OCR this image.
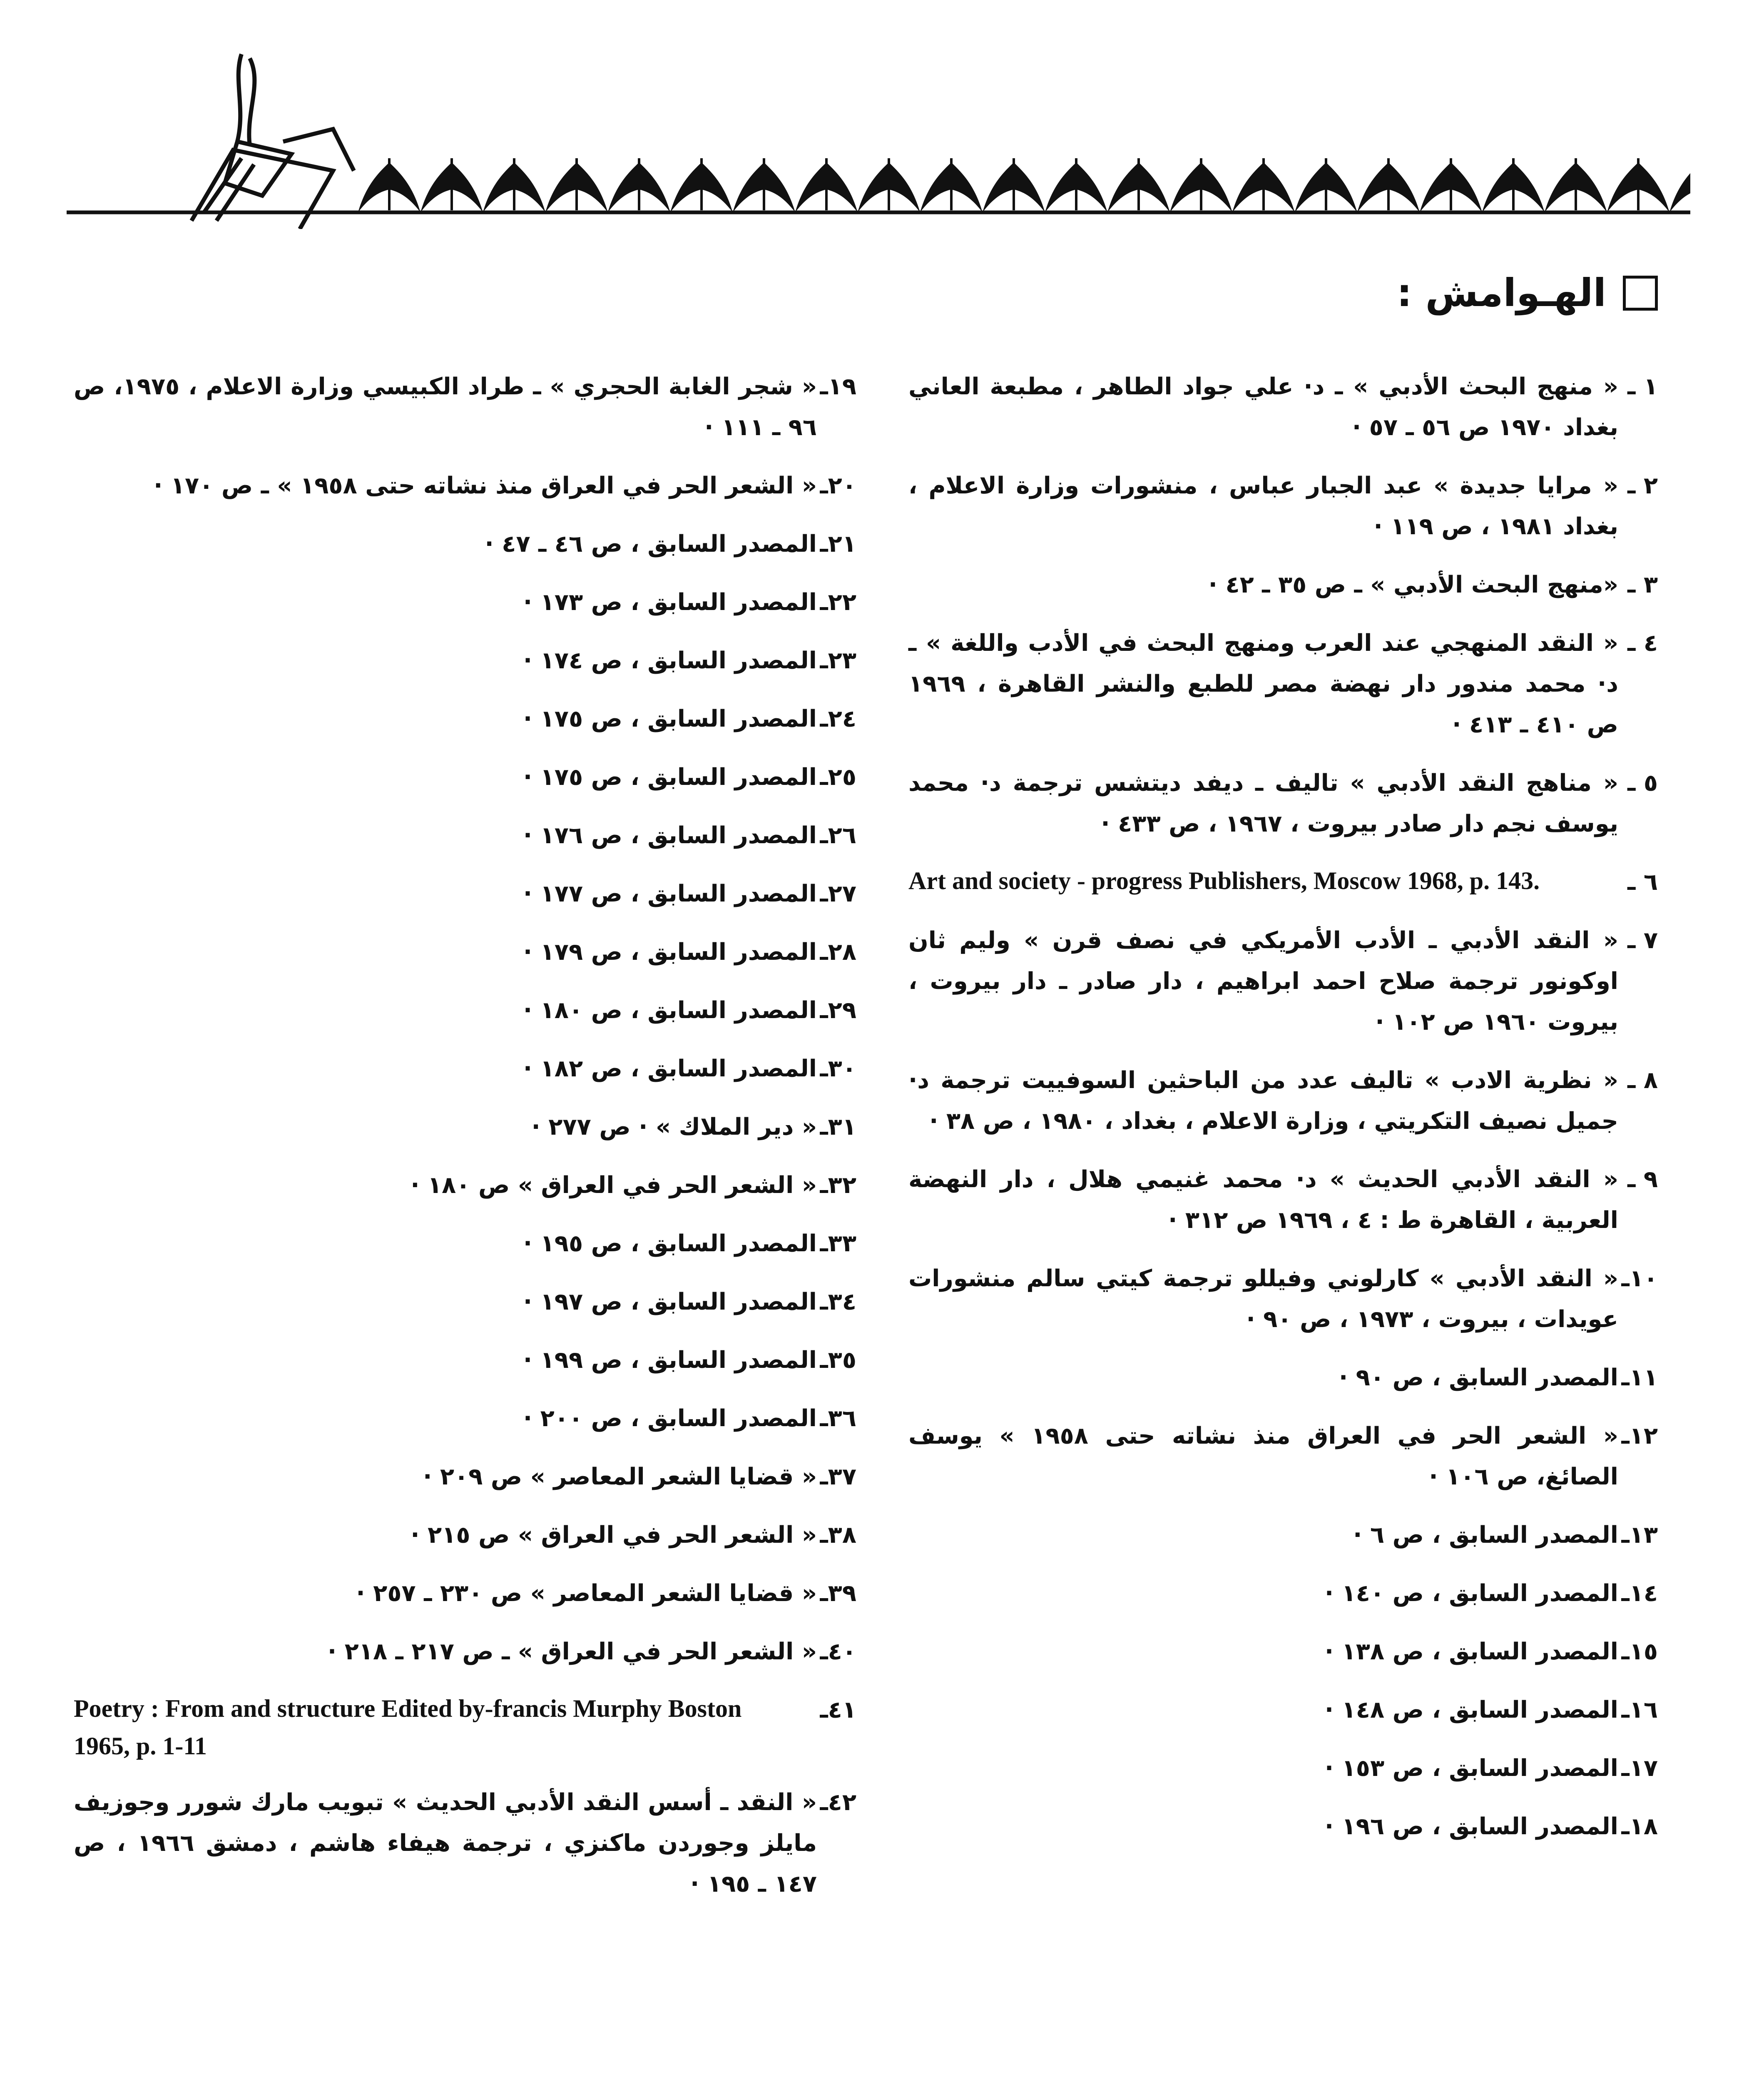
الهـوامش :
١ ـ
« منهج البحث الأدبي » ـ د· علي جواد الطاهر ، مطبعة العاني بغداد ١٩٧٠ ص ٥٦ ـ ٥٧ ·
٢ ـ
« مرايا جديدة » عبد الجبار عباس ، منشورات وزارة الاعلام ، بغداد ١٩٨١ ، ص ١١٩ ·
٣ ـ
«منهج البحث الأدبي » ـ ص ٣٥ ـ ٤٢ ·
٤ ـ
« النقد المنهجي عند العرب ومنهج البحث في الأدب واللغة » ـ د· محمد مندور دار نهضة مصر للطبع والنشر القاهرة ، ١٩٦٩ ص ٤١٠ ـ ٤١٣ ·
٥ ـ
« مناهج النقد الأدبي » تاليف ـ ديفد ديتشس ترجمة د· محمد يوسف نجم دار صادر بيروت ، ١٩٦٧ ، ص ٤٣٣ ·
٦ ـ
Art and society - progress Publishers, Moscow 1968, p. 143.
٧ ـ
« النقد الأدبي ـ الأدب الأمريكي في نصف قرن » وليم ثان اوكونور ترجمة صلاح احمد ابراهيم ، دار صادر ـ دار بيروت ، بيروت ١٩٦٠ ص ١٠٢ ·
٨ ـ
« نظرية الادب » تاليف عدد من الباحثين السوفييت ترجمة د· جميل نصيف التكريتي ، وزارة الاعلام ، بغداد ، ١٩٨٠ ، ص ٣٨ ·
٩ ـ
« النقد الأدبي الحديث » د· محمد غنيمي هلال ، دار النهضة العربية ، القاهرة ط : ٤ ، ١٩٦٩ ص ٣١٢ ·
١٠ـ
« النقد الأدبي » كارلوني وفيللو ترجمة كيتي سالم منشورات عويدات ، بيروت ، ١٩٧٣ ، ص ٩٠ ·
١١ـ
المصدر السابق ، ص ٩٠ ·
١٢ـ
« الشعر الحر في العراق منذ نشاته حتى ١٩٥٨ » يوسف الصائغ، ص ١٠٦ ·
١٣ـ
المصدر السابق ، ص ٦ ·
١٤ـ
المصدر السابق ، ص ١٤٠ ·
١٥ـ
المصدر السابق ، ص ١٣٨ ·
١٦ـ
المصدر السابق ، ص ١٤٨ ·
١٧ـ
المصدر السابق ، ص ١٥٣ ·
١٨ـ
المصدر السابق ، ص ١٩٦ ·
١٩ـ
« شجر الغابة الحجري » ـ طراد الكبيسي وزارة الاعلام ، ١٩٧٥، ص ٩٦ ـ ١١١ ·
٢٠ـ
« الشعر الحر في العراق منذ نشاته حتى ١٩٥٨ » ـ ص ١٧٠ ·
٢١ـ
المصدر السابق ، ص ٤٦ ـ ٤٧ ·
٢٢ـ
المصدر السابق ، ص ١٧٣ ·
٢٣ـ
المصدر السابق ، ص ١٧٤ ·
٢٤ـ
المصدر السابق ، ص ١٧٥ ·
٢٥ـ
المصدر السابق ، ص ١٧٥ ·
٢٦ـ
المصدر السابق ، ص ١٧٦ ·
٢٧ـ
المصدر السابق ، ص ١٧٧ ·
٢٨ـ
المصدر السابق ، ص ١٧٩ ·
٢٩ـ
المصدر السابق ، ص ١٨٠ ·
٣٠ـ
المصدر السابق ، ص ١٨٢ ·
٣١ـ
« دير الملاك » · ص ٢٧٧ ·
٣٢ـ
« الشعر الحر في العراق » ص ١٨٠ ·
٣٣ـ
المصدر السابق ، ص ١٩٥ ·
٣٤ـ
المصدر السابق ، ص ١٩٧ ·
٣٥ـ
المصدر السابق ، ص ١٩٩ ·
٣٦ـ
المصدر السابق ، ص ٢٠٠ ·
٣٧ـ
« قضايا الشعر المعاصر » ص ٢٠٩ ·
٣٨ـ
« الشعر الحر في العراق » ص ٢١٥ ·
٣٩ـ
« قضايا الشعر المعاصر » ص ٢٣٠ ـ ٢٥٧ ·
٤٠ـ
« الشعر الحر في العراق » ـ ص ٢١٧ ـ ٢١٨ ·
٤١ـ
Poetry : From and structure Edited by-francis Murphy Boston 1965, p. 1-11
٤٢ـ
« النقد ـ أسس النقد الأدبي الحديث » تبويب مارك شورر وجوزيف مايلز وجوردن ماكنزي ، ترجمة هيفاء هاشم ، دمشق ١٩٦٦ ، ص ١٤٧ ـ ١٩٥ ·
